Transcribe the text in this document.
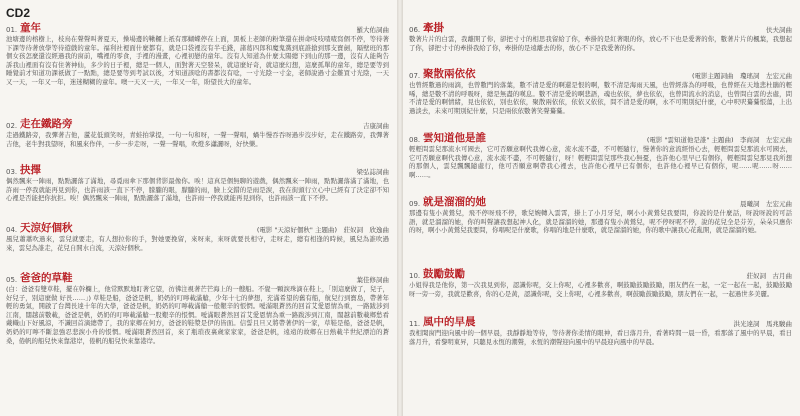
CD2
01. 童年	羅大佑詞曲
池塘邊的榕樹上，枝鳥在聲聲叫著夏天，操場邊的鞦韆上祇有那蝴蝶停在上面，黑板上老師的粉筆還在拼命吱吱喳喳寫個不停，等待著下課等待著放學等待遊戲的童年。福利社裡面什麼都有，就是口袋裡沒有半毛錢，諸葛四郎和魔鬼黨到底誰搶到那支寶劍，隔壁班的那個女孩怎麼還沒經過我的窗前，嘴裡的零食，手裡的漫畫，心裡初戀的童年。沒有人知道為什麼太陽總下到山的那一邊，沒有人能夠告訴我山裡面有沒有住著神仙，多少的日子裡，總是一個人，面對著天空發呆，就這麼好奇，就這麼幻想，這麼孤單的童年，總是要等到睡覺前才知道功課祇做了一點點，總是要等到考試以後，才知道該唸的書都沒有唸，一寸光陰一寸金，老師說過寸金難買寸光陰，一天又一天，一年又一年，迷迷糊糊的童年。噢一天又一天，一年又一年，盼望長大的童年。
02. 走在鐵路旁	吉康詞曲
走過鐵路旁，我彈著吉他，蘆花低頭笑呀，青蛙拍掌提，一句一句和呀，一聲一聲唱，蝸牛慢吞吞呀過步沒步好，走在鐵路旁，我彈著吉他，老牛對我望呀，和風來作伴，一步一步走呀，一聲一聲唱，吹燈多瀟灑呀，好快樂。
03. 抉擇	梁弘誌詞曲
偶然飄來一陣雨，點點灑落了滿地，尋覓雨傘下那個背影最像你。唉！這真是個無聊的遊戲，偶然飄來一陣雨，點點灑落滿了滿地，也許雨一停我就能再見到你，也許雨該一直下不停，朦朧的眼，朦朧的雨，臉上交錯的是雨是淚，我在街頭行立心中已經有了決定卻不知心裡是否能把你抗拒。唉！偶然飄來一陣雨，點點灑落了滿地，也許雨一停我就能再見到你，也許雨該一直下不停。
04. 天涼好個秋	(電影 "天涼好個秋" 主題曲)　莊奴詞　欣逸曲
風兒蕭蕭吹過來，雲兒就要走，有人想拉你的手，對她要挽留，來呀來，來呀就要長相守，走呀走，總有相逢的時候，風兒為誰吹過來，雲兒為誰走，花兒自開水自流，天涼好個秋。
05. 爸爸的草鞋	葉佳修詞曲
(白：爸爸有雙草鞋，擺在幹欄上，他常默默地盯著它望，彷彿注視著芒芒海上的一艘船。不覺一顆淚珠滴在鞋上，「別這麼做了，兒子，好兒子，別這麼做 好長……」) 草鞋是船，爸爸是帆，奶奶的叮嚀載滿艙，少年十七的夢想，充滿希望的舊有船，航兒行到寶島，帶著年輕的勇氣，開啟了台灣長達十年的大學，爸爸是帆，奶奶的叮嚀載滿艙一般艱辛的悵惘。噯滿眼蒼然的回首艾愛恩情為重，一路跋涉到江南，闊越前數載，爸爸是帆，奶奶的叮嚀載滿艙一股艱辛的悵惘。噯滿眼蒼然回首艾愛恩情為重一路跋涉到江南，闊越前數載鄉愁看戴幟山下好風涼，不識回首滴總帶了，我的家鄉在何方，爸爸的鞋漿是伊的皆面。信誓且旦又將帶著伊的一家，草鞋是船，爸爸是帆，奶奶的叮嚀不斷忽強忍悲淚小舟的悵惘。噯滿眼蒼然回首，來了瓶瑣夜裏歲家家家，爸爸是帆，遠遠的故鄉在日熱載半世紀漂泊的蒼桑，倦帆的船兒快來靠港岸，倦帆的船兒快來靠港岸。
06. 牽掛	伕夫詞曲
數著片片的白雲，我離開了你，卻把寸寸的相思我留給了你，牽掛的是紅著眼的你，放心不下也是愛著的你，數著片片的楓葉，我想起了你，卻把寸寸的牽掛我給了你，牽掛的是遠離去的你，放心不下是我愛著的你。
07. 聚散兩依依	(電影主題詞曲　瓊瑤詞　左宏元曲
也曾經數過的雨滴，也曾數門的落葉，數不清是愛的啊還是恨的啊，數不清是海雨天風，也曾經落為的呼吸，也曾經在天地悲杜鵑的輕唏，總是數不清的呼吸呀，總是無盡的嘆息。數不清是愛的啊悲語，魂也依依，夢也依依，也曾問流水的消息，也曾問白雲的去處，問不清是愛的啊情緒，見也依依，別也依依，聚散兩依依，依依又依依，問不清是愛的啊，永不可期別紀什麼，心中呎呎驀驀悵蕩，上出過淡去，未來可期別紀什麼，只是兩依依數著笑聲驀驀。
08. 雲知道他是誰	(電影 "雲知道他是誰" 主題曲)　李商詞　左宏元曲
輕輕問雲兒那流水可國去，它可否願意啊代我傳心意，流水流不盡，不可輕隨行，慢著你的意流經悟心去，輕輕問雲兒那流水可國去，它可否願意啊代我傳心意，流水流不盡，不可輕隨行，呀！輕輕問雲兒那些我心無憂，也許他心里早已有個你，輕輕問雲兒那見我所想的那個人，雲兒飄飄隨處行，他可否願意啊帶我心裡去，也許他心裡早已有個你，也許他心裡早已有個你，呢……呢……呀……啊……。
09. 就是溜溜的她	晨曦詞　左宏元曲
那邊有隻小黃鶯兒，飛不停呀飛不停，歌兒婉轉入雲霄，掛上了小月牙兒，啊小小黃鶯兒我要問，你說的是什麼話，呀說呀說的可話語，就是溜溜的她，你的叫聲讓我想起神人化，就是溜溜的她，那邊有隻小黃鶯兒，呢不停呀呢不停，說的花兒全是芬芳，朵朵只應你的呀，啊小小黃鶯兒我要問，你唱呢是什麼歌，你唱的地是什麼歌，就是溜溜的她，你的歌中讓我心花亂開，就是溜溜的她。
10. 鼓勵鼓勵	莊奴詞　古月曲
小姐得我是他你，第一次我見到你，認識你呢，交上你呢，心裡多歡喜，啊鼓勵鼓勵鼓勵，朋友們在一起，一定一起在一起，鼓勵鼓勵呀一旁一旁，我就是歡喜，你的心是黃，認識你呢，交上你呢，心裡多歡喜，啊鼓勵鼓勵鼓勵，朋友們在一起，一起過世多美麗。
11. 風中的早晨	洪光達詞　馬兆駿曲
我相聞窗門迎向風中的一個早晨，我靜靜地等待，等待著你柔情的眼神，看日落月升，看著時間一晨一昏，看那落了風中的早晨，看日落月升，看黎明東昇，只聽見永恆的潮聲，永恆的潮聲迎向風中的早晨迎向風中的早晨。
